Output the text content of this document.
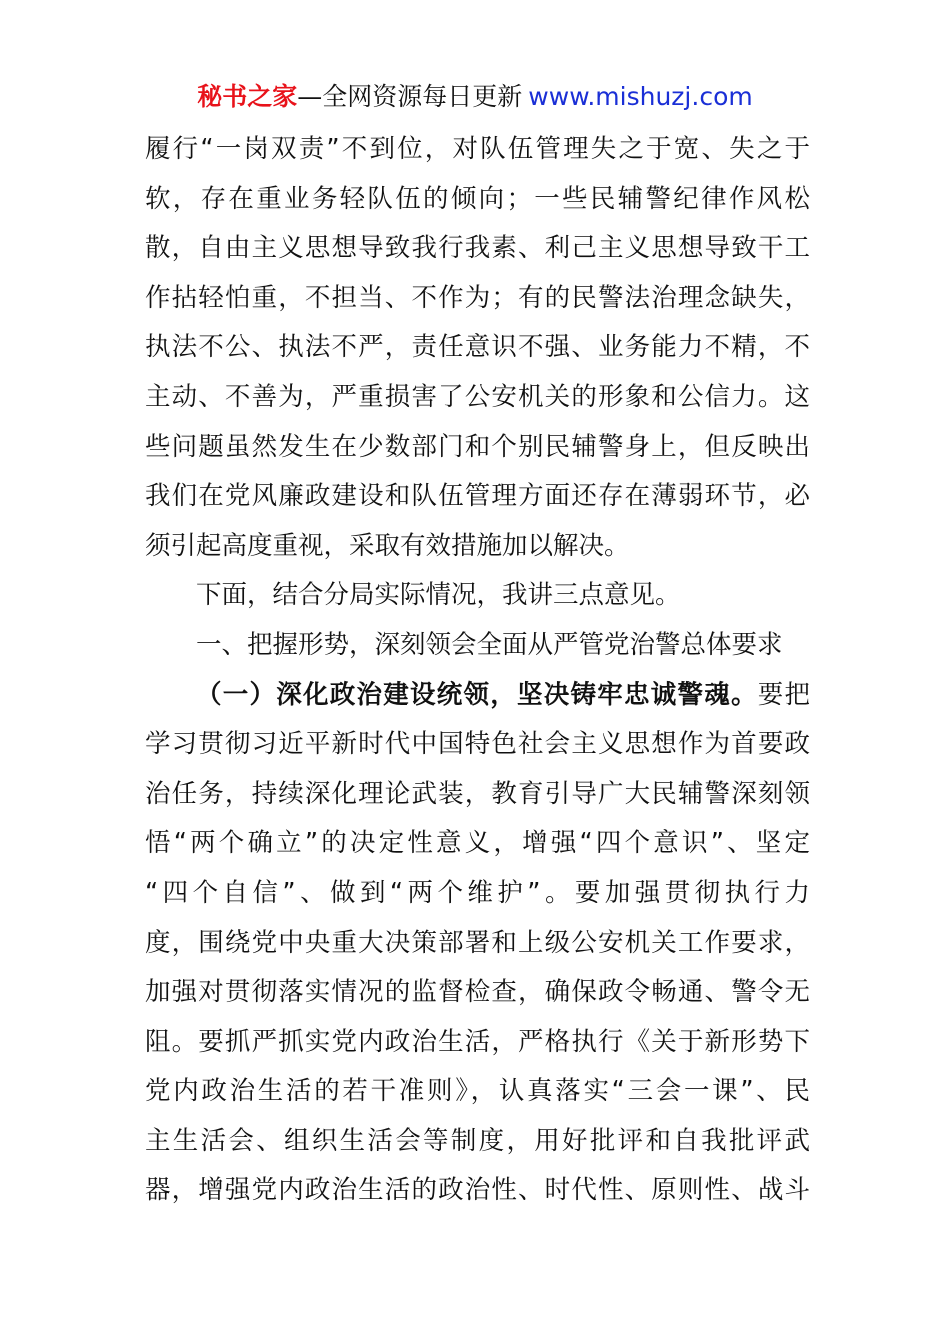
秘书之家—全网资源每日更新 www.mishuzj.com
履行“一岗双责”不到位，对队伍管理失之于宽、失之于
软，存在重业务轻队伍的倾向；一些民辅警纪律作风松
散，自由主义思想导致我行我素、利己主义思想导致干工
作拈轻怕重，不担当、不作为；有的民警法治理念缺失，
执法不公、执法不严，责任意识不强、业务能力不精，不
主动、不善为，严重损害了公安机关的形象和公信力。这
些问题虽然发生在少数部门和个别民辅警身上，但反映出
我们在党风廉政建设和队伍管理方面还存在薄弱环节，必
须引起高度重视，采取有效措施加以解决。
下面，结合分局实际情况，我讲三点意见。
一、把握形势，深刻领会全面从严管党治警总体要求
（一）深化政治建设统领，坚决铸牢忠诚警魂。要把
学习贯彻习近平新时代中国特色社会主义思想作为首要政
治任务，持续深化理论武装，教育引导广大民辅警深刻领
悟“两个确立”的决定性意义，增强“四个意识”、坚定
“四个自信”、做到“两个维护”。要加强贯彻执行力
度，围绕党中央重大决策部署和上级公安机关工作要求，
加强对贯彻落实情况的监督检查，确保政令畅通、警令无
阻。要抓严抓实党内政治生活，严格执行《关于新形势下
党内政治生活的若干准则》，认真落实“三会一课”、民
主生活会、组织生活会等制度，用好批评和自我批评武
器，增强党内政治生活的政治性、时代性、原则性、战斗
